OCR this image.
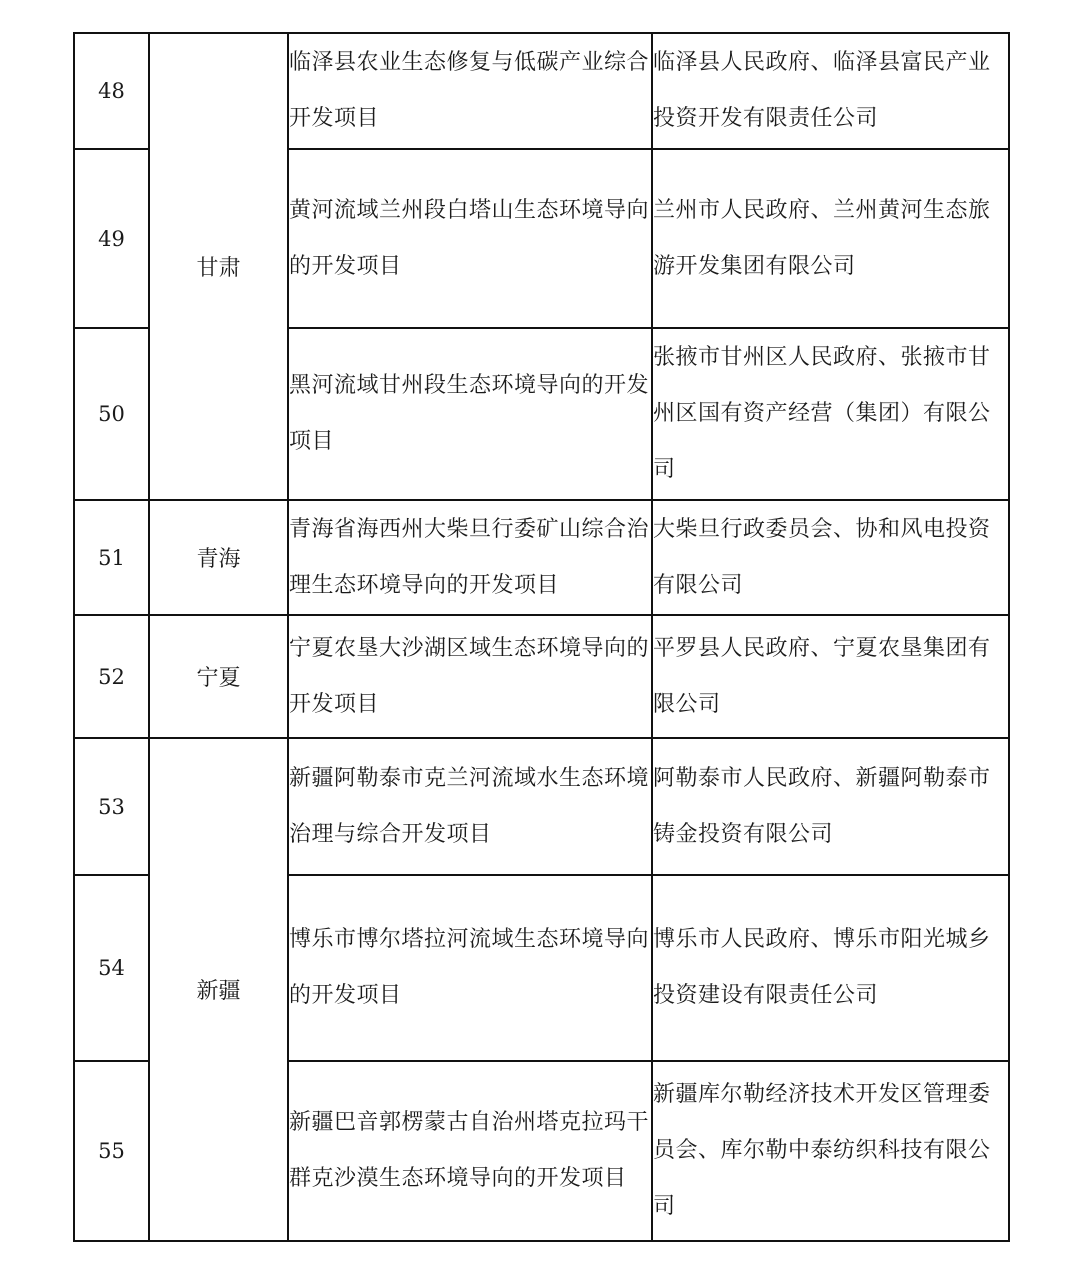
48	甘肃	临泽县农业生态修复与低碳产业综合开发项目	临泽县人民政府、临泽县富民产业投资开发有限责任公司
49		黄河流域兰州段白塔山生态环境导向的开发项目	兰州市人民政府、兰州黄河生态旅游开发集团有限公司
50		黑河流域甘州段生态环境导向的开发项目	张掖市甘州区人民政府、张掖市甘州区国有资产经营（集团）有限公司
51	青海	青海省海西州大柴旦行委矿山综合治理生态环境导向的开发项目	大柴旦行政委员会、协和风电投资有限公司
52	宁夏	宁夏农垦大沙湖区域生态环境导向的开发项目	平罗县人民政府、宁夏农垦集团有限公司
53	新疆	新疆阿勒泰市克兰河流域水生态环境治理与综合开发项目	阿勒泰市人民政府、新疆阿勒泰市铸金投资有限公司
54		博乐市博尔塔拉河流域生态环境导向的开发项目	博乐市人民政府、博乐市阳光城乡投资建设有限责任公司
55		新疆巴音郭楞蒙古自治州塔克拉玛干群克沙漠生态环境导向的开发项目	新疆库尔勒经济技术开发区管理委员会、库尔勒中泰纺织科技有限公司
